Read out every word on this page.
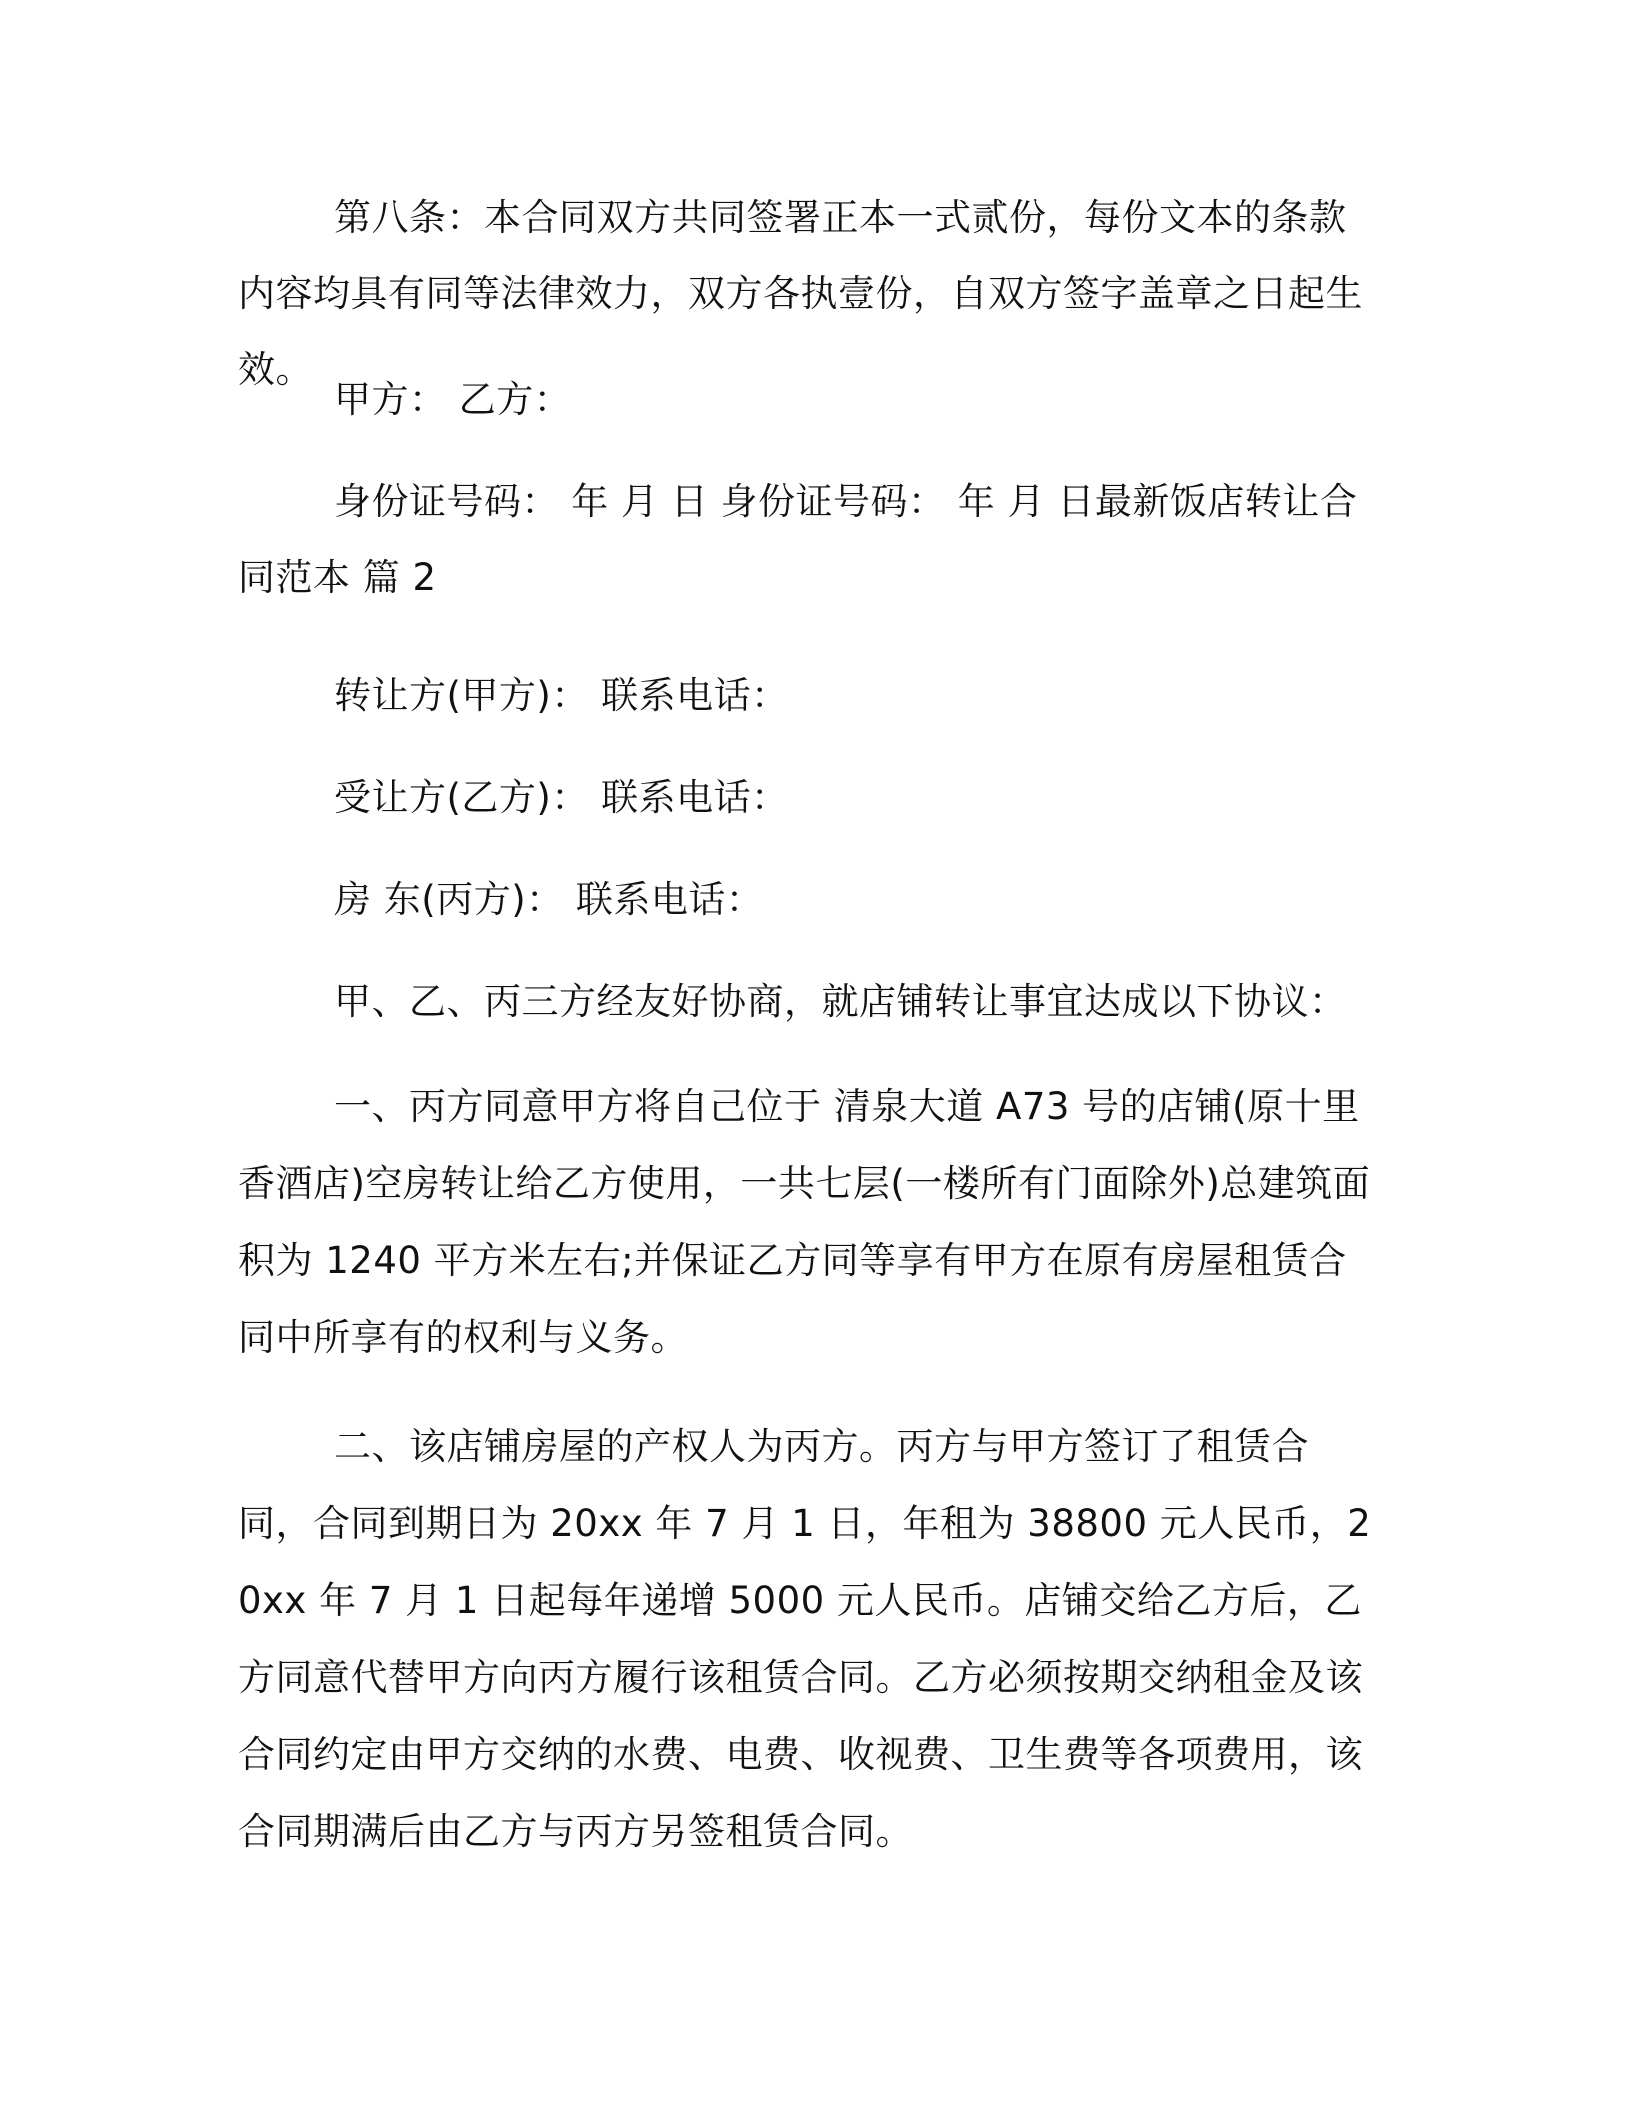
第八条：本合同双方共同签署正本一式贰份，每份文本的条款内容均具有同等法律效力，双方各执壹份，自双方签字盖章之日起生效。

甲方： 乙方：

身份证号码： 年 月 日 身份证号码： 年 月 日最新饭店转让合同范本 篇 2

转让方(甲方)： 联系电话：

受让方(乙方)： 联系电话：

房 东(丙方)： 联系电话：

甲、乙、丙三方经友好协商，就店铺转让事宜达成以下协议：

一、丙方同意甲方将自己位于 清泉大道 A73 号的店铺(原十里香酒店)空房转让给乙方使用，一共七层(一楼所有门面除外)总建筑面积为 1240 平方米左右;并保证乙方同等享有甲方在原有房屋租赁合同中所享有的权利与义务。

二、该店铺房屋的产权人为丙方。丙方与甲方签订了租赁合同，合同到期日为 20xx 年 7 月 1 日，年租为 38800 元人民币，20xx 年 7 月 1 日起每年递增 5000 元人民币。店铺交给乙方后，乙方同意代替甲方向丙方履行该租赁合同。乙方必须按期交纳租金及该合同约定由甲方交纳的水费、电费、收视费、卫生费等各项费用，该合同期满后由乙方与丙方另签租赁合同。
